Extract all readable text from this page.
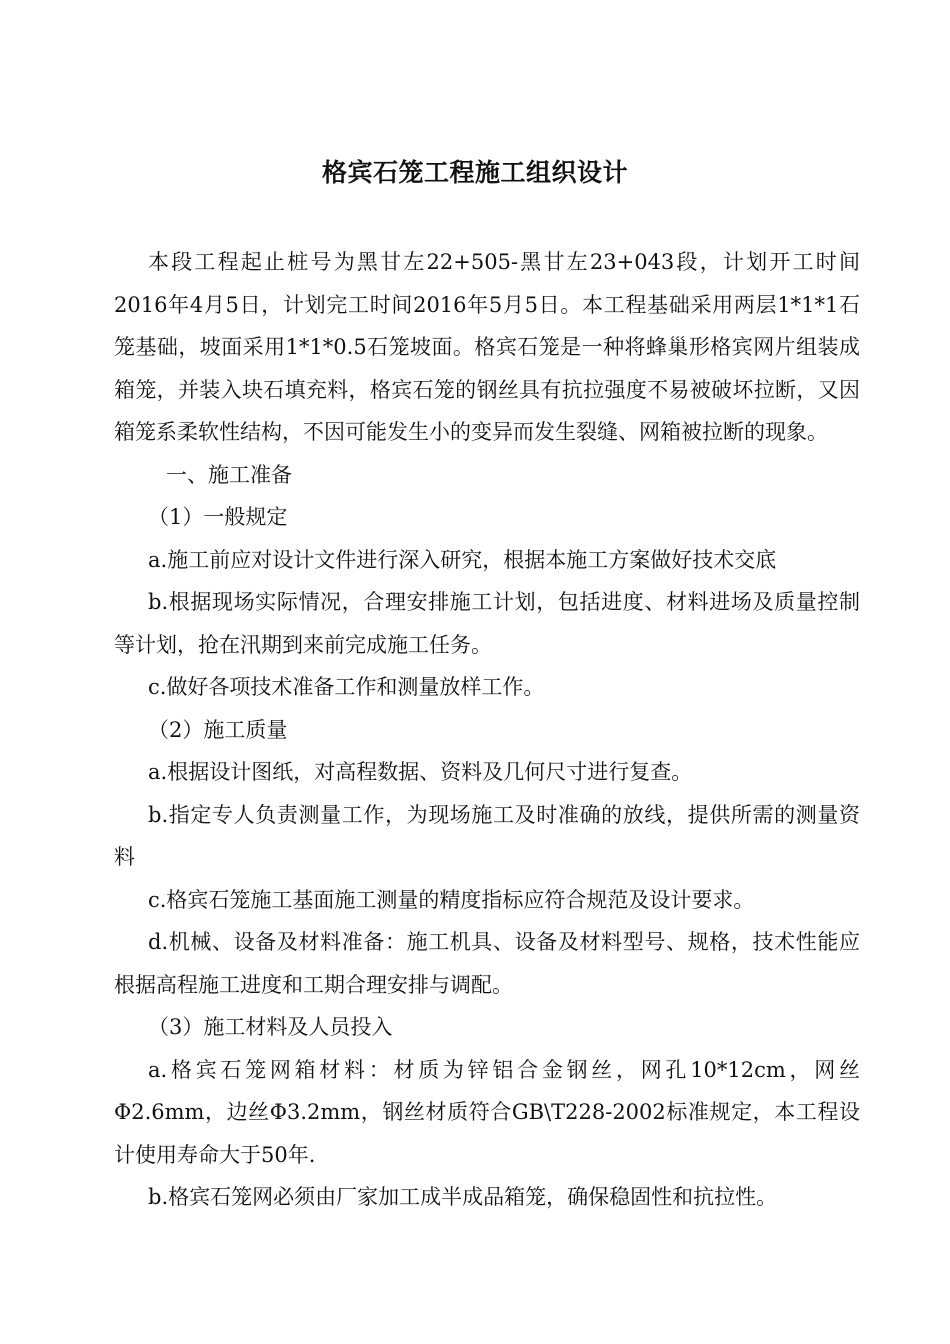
格宾石笼工程施工组织设计

本段工程起止桩号为黑甘左22+505-黑甘左23+043段，计划开工时间2016年4月5日，计划完工时间2016年5月5日。本工程基础采用两层1*1*1石笼基础，坡面采用1*1*0.5石笼坡面。格宾石笼是一种将蜂巢形格宾网片组装成箱笼，并装入块石填充料，格宾石笼的钢丝具有抗拉强度不易被破坏拉断，又因箱笼系柔软性结构，不因可能发生小的变异而发生裂缝、网箱被拉断的现象。

一、施工准备

（1）一般规定

a.施工前应对设计文件进行深入研究，根据本施工方案做好技术交底

b.根据现场实际情况，合理安排施工计划，包括进度、材料进场及质量控制等计划，抢在汛期到来前完成施工任务。

c.做好各项技术准备工作和测量放样工作。

（2）施工质量

a.根据设计图纸，对高程数据、资料及几何尺寸进行复查。

b.指定专人负责测量工作，为现场施工及时准确的放线，提供所需的测量资料

c.格宾石笼施工基面施工测量的精度指标应符合规范及设计要求。

d.机械、设备及材料准备：施工机具、设备及材料型号、规格，技术性能应根据高程施工进度和工期合理安排与调配。

（3）施工材料及人员投入

a.格宾石笼网箱材料：材质为锌铝合金钢丝，网孔10*12cm，网丝Φ2.6mm，边丝Φ3.2mm，钢丝材质符合GB\T228-2002标准规定，本工程设计使用寿命大于50年.

b.格宾石笼网必须由厂家加工成半成品箱笼，确保稳固性和抗拉性。
